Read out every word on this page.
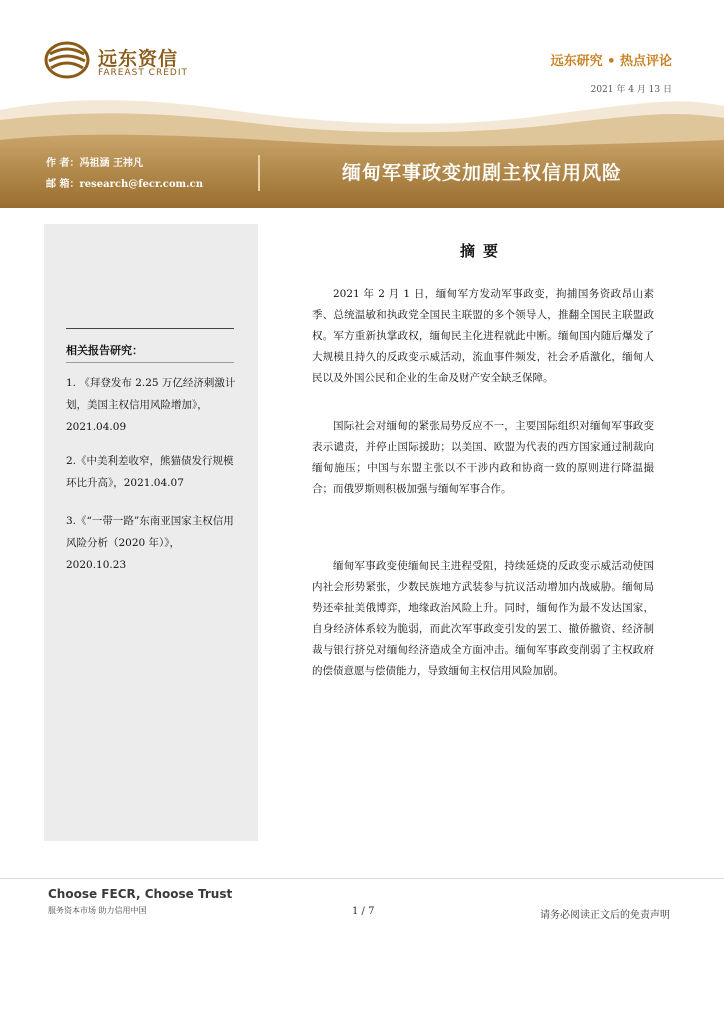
远东资信
FAREAST CREDIT
远东研究 • 热点评论
2021 年 4 月 13 日
作 者：冯祖涵 王祎凡
邮 箱：research@fecr.com.cn
缅甸军事政变加剧主权信用风险
相关报告研究：

1. 《拜登发布 2.25 万亿经济刺激计划，美国主权信用风险增加》，2021.04.09

2.《中美利差收窄，熊猫债发行规模环比升高》，2021.04.07

3.《“一带一路”东南亚国家主权信用风险分析（2020 年）》，2020.10.23

摘要

2021 年 2 月 1 日，缅甸军方发动军事政变，拘捕国务资政昂山素季、总统温敏和执政党全国民主联盟的多个领导人，推翻全国民主联盟政权。军方重新执掌政权，缅甸民主化进程就此中断。缅甸国内随后爆发了大规模且持久的反政变示威活动，流血事件频发，社会矛盾激化，缅甸人民以及外国公民和企业的生命及财产安全缺乏保障。

国际社会对缅甸的紧张局势反应不一，主要国际组织对缅甸军事政变表示谴责，并停止国际援助；以美国、欧盟为代表的西方国家通过制裁向缅甸施压；中国与东盟主张以不干涉内政和协商一致的原则进行降温撮合；而俄罗斯则积极加强与缅甸军事合作。

缅甸军事政变使缅甸民主进程受阻，持续延烧的反政变示威活动使国内社会形势紧张，少数民族地方武装参与抗议活动增加内战威胁。缅甸局势还牵扯美俄博弈，地缘政治风险上升。同时，缅甸作为最不发达国家，自身经济体系较为脆弱，而此次军事政变引发的罢工、撤侨撤资、经济制裁与银行挤兑对缅甸经济造成全方面冲击。缅甸军事政变削弱了主权政府的偿债意愿与偿债能力，导致缅甸主权信用风险加剧。

Choose FECR, Choose Trust
服务资本市场 助力信用中国	1 / 7	请务必阅读正文后的免责声明
